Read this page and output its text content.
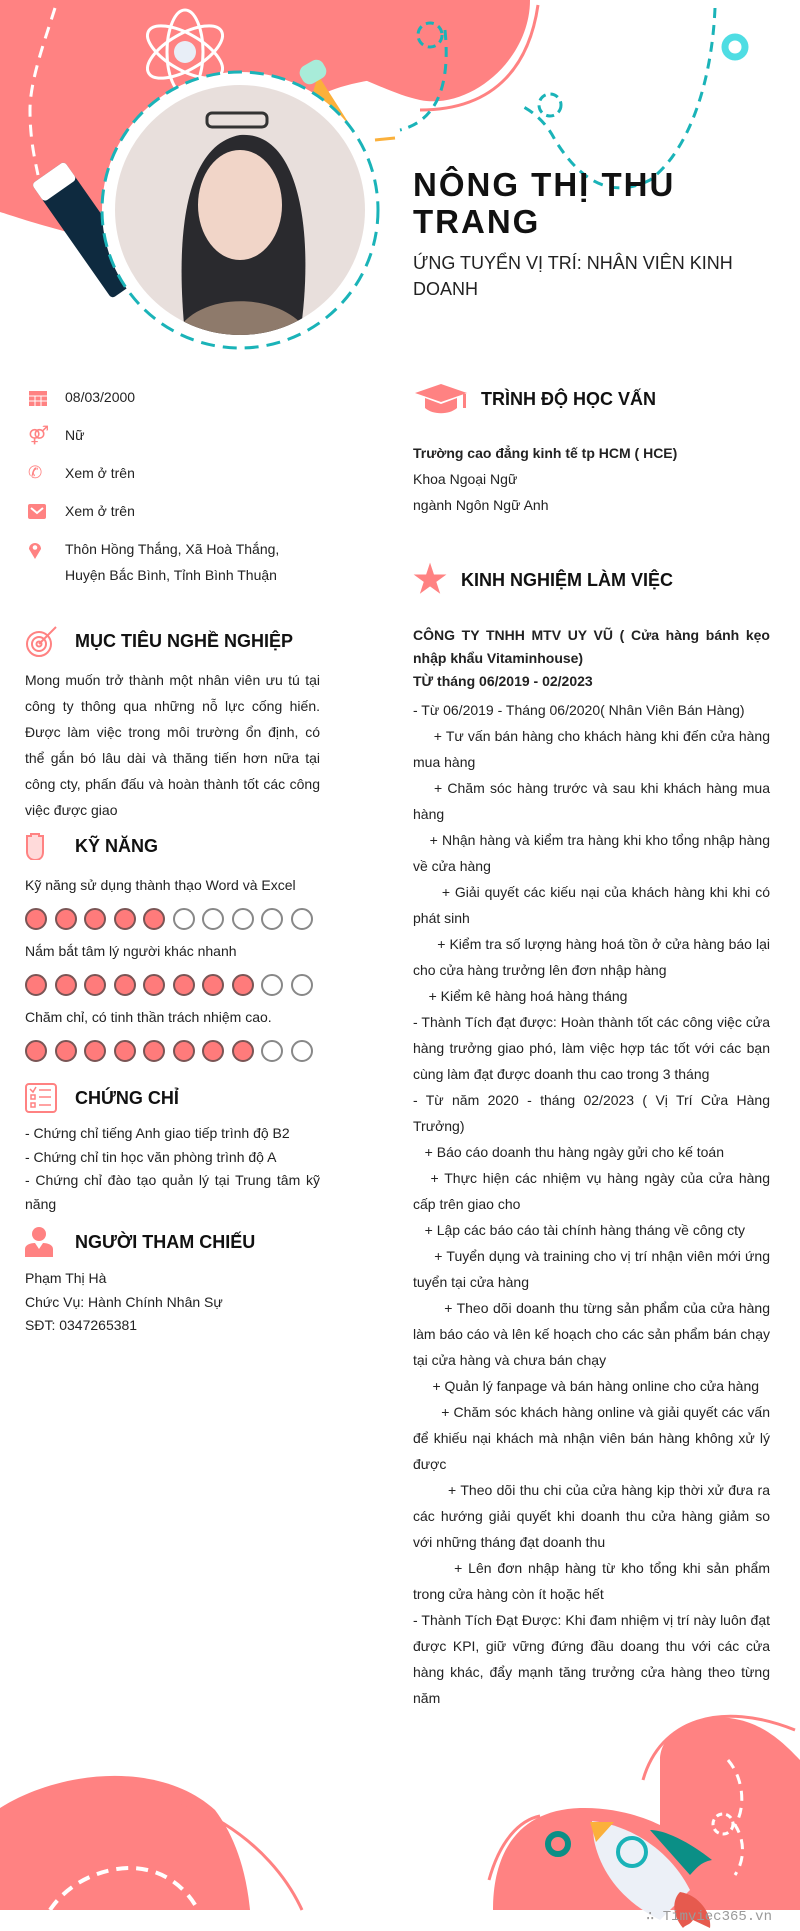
NÔNG THỊ THU TRANG
ỨNG TUYỂN VỊ TRÍ: NHÂN VIÊN KINH DOANH
08/03/2000
⚤	Nữ
✆	Xem ở trên
Xem ở trên
Thôn Hồng Thắng, Xã Hoà Thắng, Huyện Bắc Bình, Tỉnh Bình Thuận
MỤC TIÊU NGHỀ NGHIỆP
Mong muốn trở thành một nhân viên ưu tú tại công ty thông qua những nỗ lực cống hiến. Được làm việc trong môi trường ổn định, có thể gắn bó lâu dài và thăng tiến hơn nữa tại công cty, phấn đấu và hoàn thành tốt các công việc được giao
KỸ NĂNG
Kỹ năng sử dụng thành thạo Word và Excel
Nắm bắt tâm lý người khác nhanh
Chăm chỉ, có tinh thần trách nhiệm cao.
CHỨNG CHỈ
- Chứng chỉ tiếng Anh giao tiếp trình độ B2
- Chứng chỉ tin học văn phòng trình độ A
- Chứng chỉ đào tạo quản lý tại Trung tâm kỹ năng
NGƯỜI THAM CHIẾU
Phạm Thị Hà
Chức Vụ: Hành Chính Nhân Sự
SĐT: 0347265381
TRÌNH ĐỘ HỌC VẤN
Trường cao đẳng kinh tế tp HCM ( HCE)
Khoa Ngoại Ngữ
ngành Ngôn Ngữ Anh
★ KINH NGHIỆM LÀM VIỆC
CÔNG TY TNHH MTV UY VŨ ( Cửa hàng bánh kẹo nhập khẩu Vitaminhouse)
TỪ tháng 06/2019 - 02/2023
- Từ 06/2019 - Tháng 06/2020( Nhân Viên Bán Hàng)
+ Tư vấn bán hàng cho khách hàng khi đến cửa hàng mua hàng
+ Chăm sóc hàng trước và sau khi khách hàng mua hàng
+ Nhận hàng và kiểm tra hàng khi kho tổng nhập hàng về cửa hàng
+ Giải quyết các kiếu nại của khách hàng khi khi có phát sinh
+ Kiểm tra số lượng hàng hoá tồn ở cửa hàng báo lại cho cửa hàng trưởng lên đơn nhập hàng
+ Kiểm kê hàng hoá hàng tháng
- Thành Tích đạt được: Hoàn thành tốt các công việc cửa hàng trưởng giao phó, làm việc hợp tác tốt với các bạn cùng làm đạt được doanh thu cao trong 3 tháng
- Từ năm 2020 - tháng 02/2023 ( Vị Trí Cửa Hàng Trưởng)
+ Báo cáo doanh thu hàng ngày gửi cho kế toán
+ Thực hiện các nhiệm vụ hàng ngày của cửa hàng cấp trên giao cho
+ Lập các báo cáo tài chính hàng tháng về công cty
+ Tuyển dụng và training cho vị trí nhận viên mới ứng tuyển tại cửa hàng
+ Theo dõi doanh thu từng sản phẩm của cửa hàng làm báo cáo và lên kế hoạch cho các sản phẩm bán chạy tại cửa hàng và chưa bán chạy
+ Quản lý fanpage và bán hàng online cho cửa hàng
+ Chăm sóc khách hàng online và giải quyết các vấn để khiếu nại khách mà nhận viên bán hàng không xử lý được
+ Theo dõi thu chi của cửa hàng kịp thời xử đưa ra các hướng giải quyết khi doanh thu cửa hàng giảm so với những tháng đạt doanh thu
+ Lên đơn nhập hàng từ kho tổng khi sản phẩm trong cửa hàng còn ít hoặc hết
- Thành Tích Đạt Được: Khi đam nhiệm vị trí này luôn đạt được KPI, giữ vững đứng đầu doang thu với các cửa hàng khác, đẩy mạnh tăng trưởng cửa hàng theo từng năm
∴ Timviec365.vn
